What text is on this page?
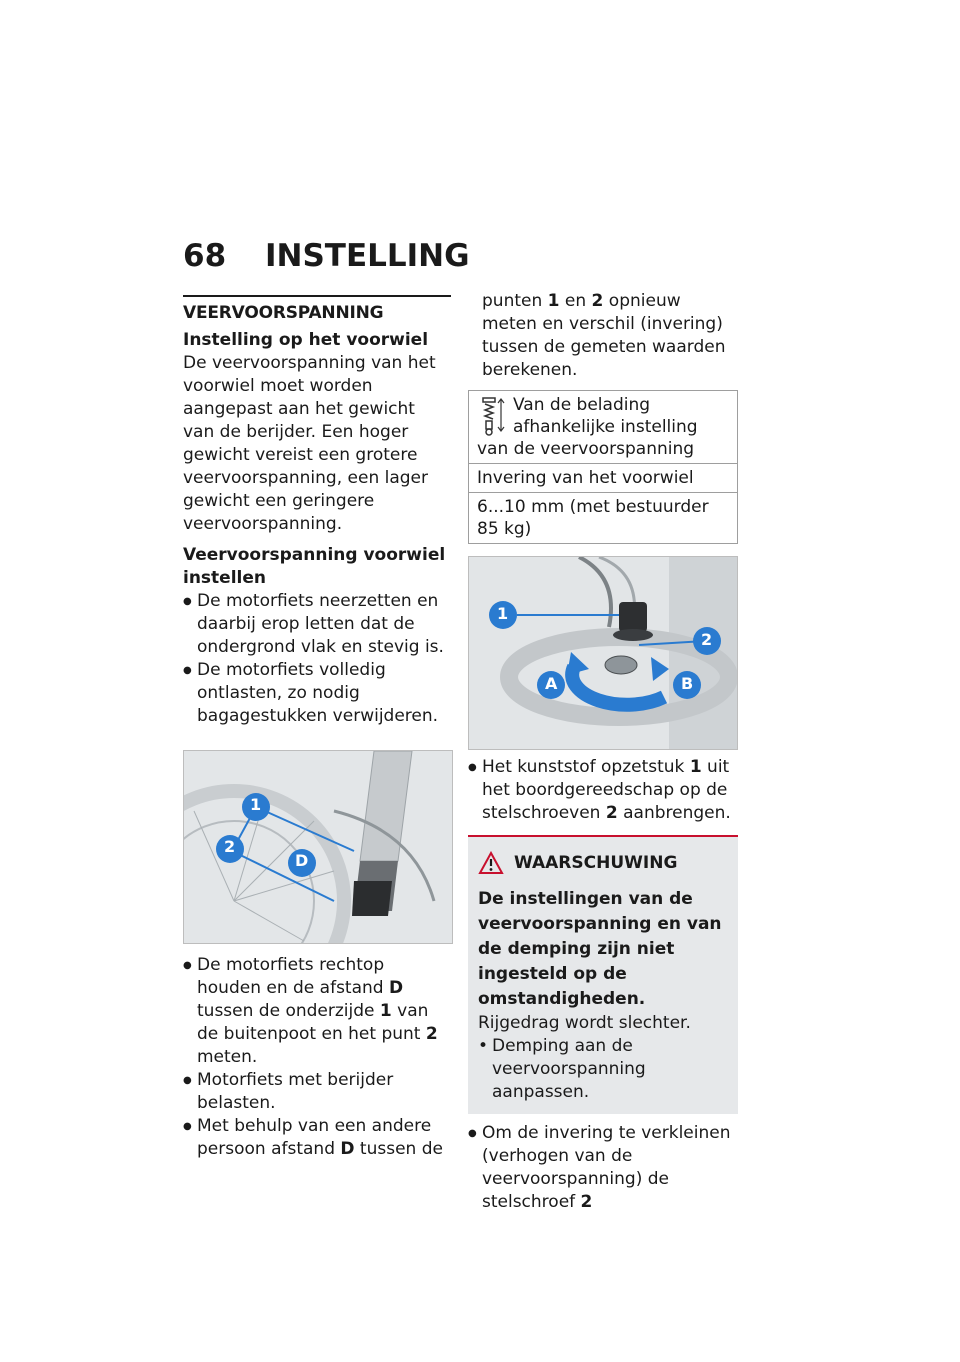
68 INSTELLING
VEERVOORSPANNING

Instelling op het voorwiel

De veervoorspanning van het voorwiel moet worden aangepast aan het gewicht van de berijder. Een hoger gewicht vereist een grotere veervoorspanning, een lager gewicht een geringere veervoorspanning.

Veervoorspanning voorwiel instellen

● De motorfiets neerzetten en daarbij erop letten dat de ondergrond vlak en stevig is.
● De motorfiets volledig ontlasten, zo nodig bagagestukken verwijderen.
1
2
D
● De motorfiets rechtop houden en de afstand D tussen de onderzijde 1 van de buitenpoot en het punt 2 meten.
● Motorfiets met berijder belasten.
● Met behulp van een andere persoon afstand D tussen de
punten 1 en 2 opnieuw meten en verschil (invering) tussen de gemeten waarden berekenen.
Van de belading afhankelijke instelling van de veervoorspanning
Invering van het voorwiel
6...10 mm (met bestuurder 85 kg)
1
2
A	B
● Het kunststof opzetstuk 1 uit het boordgereedschap op de stelschroeven 2 aanbrengen.
WAARSCHUWING

De instellingen van de veervoorspanning en van de demping zijn niet ingesteld op de omstandigheden.

Rijgedrag wordt slechter.

• Demping aan de veervoorspanning aanpassen.
● Om de invering te verkleinen (verhogen van de veervoorspanning) de stelschroef 2
